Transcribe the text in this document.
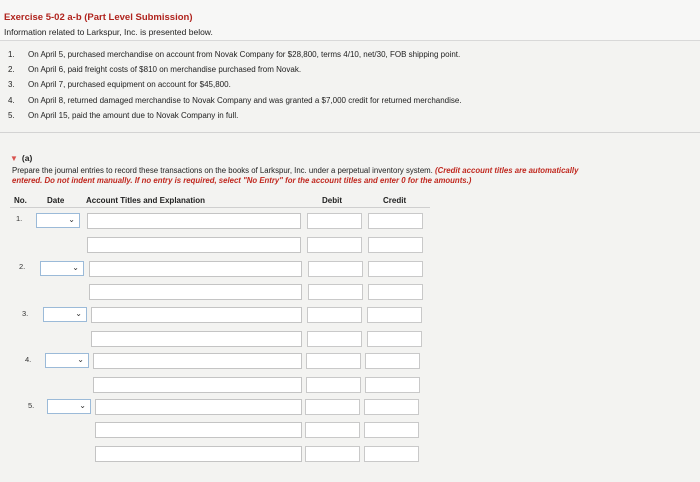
Exercise 5-02 a-b (Part Level Submission)
Information related to Larkspur, Inc. is presented below.
1.	On April 5, purchased merchandise on account from Novak Company for $28,800, terms 4/10, net/30, FOB shipping point.
2.	On April 6, paid freight costs of $810 on merchandise purchased from Novak.
3.	On April 7, purchased equipment on account for $45,800.
4.	On April 8, returned damaged merchandise to Novak Company and was granted a $7,000 credit for returned merchandise.
5.	On April 15, paid the amount due to Novak Company in full.
▼ (a)
Prepare the journal entries to record these transactions on the books of Larkspur, Inc. under a perpetual inventory system. (Credit account titles are automatically
entered. Do not indent manually. If no entry is required, select "No Entry" for the account titles and enter 0 for the amounts.)
No.	Date	Account Titles and Explanation	Debit	Credit
1.	⌄
2.	⌄
3.	⌄
4.	⌄
5.	⌄
